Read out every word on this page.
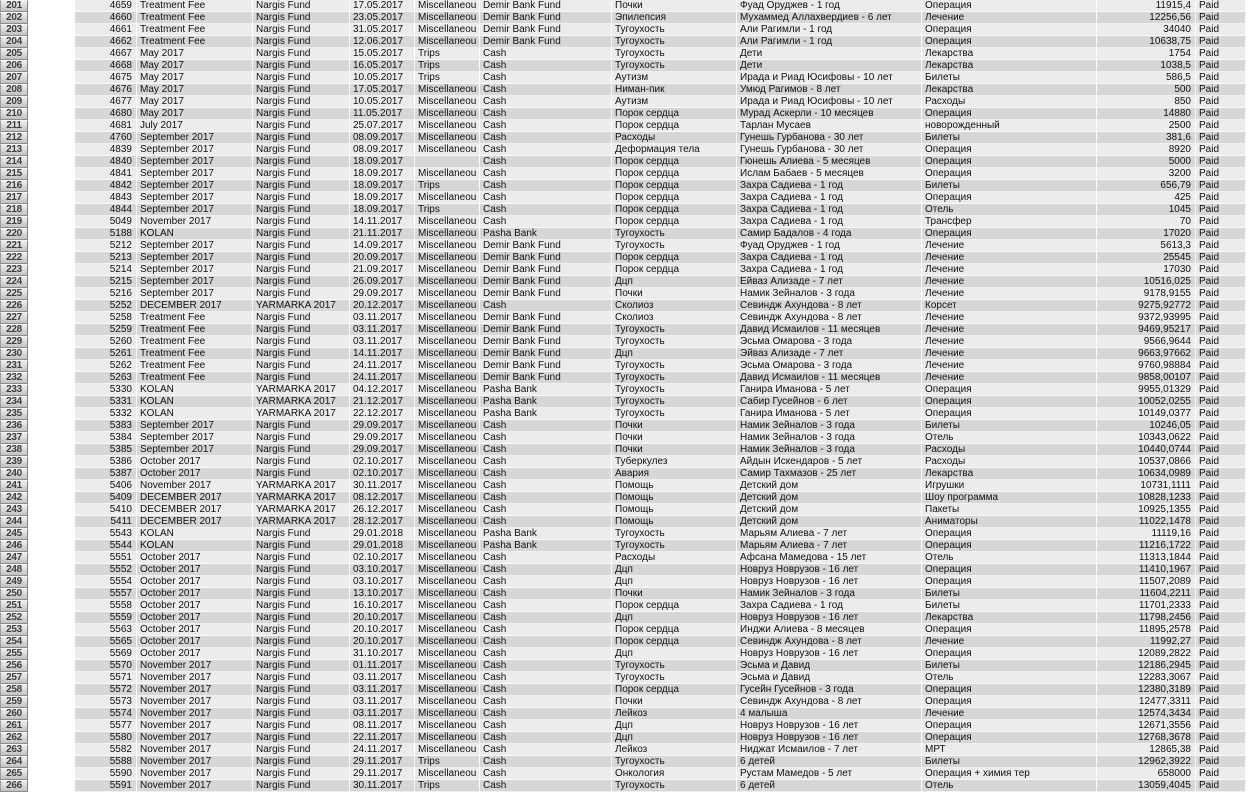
201	4659 Treatment Fee	Nargis Fund	17.05.2017	Miscellaneou Demir Bank Fund	Почки	Фуад Оруджев - 1 год	Операция	11915,4 Paid
202	4660 Treatment Fee	Nargis Fund	23.05.2017	Miscellaneou Demir Bank Fund	Эпилепсия	Мухаммед Аллахвердиев - 6 лет	Лечение	12256,56 Paid
203	4661 Treatment Fee	Nargis Fund	31.05.2017	Miscellaneou Demir Bank Fund	Тугоухость	Али Рагимли - 1 год	Операция	34040 Paid
204	4662 Treatment Fee	Nargis Fund	12.06.2017	Miscellaneou Demir Bank Fund	Тугоухость	Али Рагимли - 1 год	Операция	10638,75 Paid
205	4667 May 2017	Nargis Fund	15.05.2017	Trips	Cash	Тугоухость	Дети	Лекарства	1754 Paid
206	4668 May 2017	Nargis Fund	16.05.2017	Trips	Cash	Тугоухость	Дети	Лекарства	1038,5 Paid
207	4675 May 2017	Nargis Fund	10.05.2017	Trips	Cash	Аутизм	Ирада и Риад Юсифовы - 10 лет	Билеты	586,5 Paid
208	4676 May 2017	Nargis Fund	17.05.2017	Miscellaneou Cash	Ниман-пик	Умюд Рагимов - 8 лет	Лекарства	500 Paid
209	4677 May 2017	Nargis Fund	10.05.2017	Miscellaneou Cash	Аутизм	Ирада и Риад Юсифовы - 10 лет	Расходы	850 Paid
210	4680 May 2017	Nargis Fund	11.05.2017	Miscellaneou Cash	Порок сердца	Мурад Аскерли - 10 месяцев	Операция	14880 Paid
211	4681 July 2017	Nargis Fund	25.07.2017	Miscellaneou Cash	Порок сердца	Тарлан Мусаев	новорожденный	2500 Paid
212	4760 September 2017	Nargis Fund	08.09.2017	Miscellaneou Cash	Расходы	Гунешь Гурбанова - 30 лет	Билеты	381,6 Paid
213	4839 September 2017	Nargis Fund	08.09.2017	Miscellaneou Cash	Деформация тела	Гунешь Гурбанова - 30 лет	Операция	8920 Paid
214	4840 September 2017	Nargis Fund	18.09.2017	Cash	Порок сердца	Гюнешь Алиева - 5 месяцев	Операция	5000 Paid
215	4841 September 2017	Nargis Fund	18.09.2017	Miscellaneou Cash	Порок сердца	Ислам Бабаев - 5 месяцев	Операция	3200 Paid
216	4842 September 2017	Nargis Fund	18.09.2017	Trips	Cash	Порок сердца	Захра Садиева - 1 год	Билеты	656,79 Paid
217	4843 September 2017	Nargis Fund	18.09.2017	Miscellaneou Cash	Порок сердца	Захра Садиева - 1 год	Операция	425 Paid
218	4844 September 2017	Nargis Fund	18.09.2017	Trips	Cash	Порок сердца	Захра Садиева - 1 год	Отель	1045 Paid
219	5049 November 2017	Nargis Fund	14.11.2017	Miscellaneou Cash	Порок сердца	Захра Садиева - 1 год	Трансфер	70 Paid
220	5188 KOLAN	Nargis Fund	21.11.2017	Miscellaneou Pasha Bank	Тугоухость	Самир Бадалов - 4 года	Операция	17020 Paid
221	5212 September 2017	Nargis Fund	14.09.2017	Miscellaneou Demir Bank Fund	Тугоухость	Фуад Оруджев - 1 год	Лечение	5613,3 Paid
222	5213 September 2017	Nargis Fund	20.09.2017	Miscellaneou Demir Bank Fund	Порок сердца	Захра Садиева - 1 год	Лечение	25545 Paid
223	5214 September 2017	Nargis Fund	21.09.2017	Miscellaneou Demir Bank Fund	Порок сердца	Захра Садиева - 1 год	Лечение	17030 Paid
224	5215 September 2017	Nargis Fund	26.09.2017	Miscellaneou Demir Bank Fund	Дцп	Ейваз Ализаде - 7 лет	Лечение	10516,025 Paid
225	5216 September 2017	Nargis Fund	29.09.2017	Miscellaneou Demir Bank Fund	Почки	Намик Зейналов - 3 года	Лечение	9178,9155 Paid
226	5252 DECEMBER 2017	YARMARKA 2017	20.12.2017	Miscellaneou Cash	Сколиоз	Севиндж Ахундова - 8 лет	Корсет	9275,92772 Paid
227	5258 Treatment Fee	Nargis Fund	03.11.2017	Miscellaneou Demir Bank Fund	Сколиоз	Севиндж Ахундова - 8 лет	Лечение	9372,93995 Paid
228	5259 Treatment Fee	Nargis Fund	03.11.2017	Miscellaneou Demir Bank Fund	Тугоухость	Давид Исмаилов - 11 месяцев	Лечение	9469,95217 Paid
229	5260 Treatment Fee	Nargis Fund	03.11.2017	Miscellaneou Demir Bank Fund	Тугоухость	Эсьма Омарова - 3 года	Лечение	9566,9644 Paid
230	5261 Treatment Fee	Nargis Fund	14.11.2017	Miscellaneou Demir Bank Fund	Дцп	Эйваз Ализаде - 7 лет	Лечение	9663,97662 Paid
231	5262 Treatment Fee	Nargis Fund	24.11.2017	Miscellaneou Demir Bank Fund	Тугоухость	Эсьма Омарова - 3 года	Лечение	9760,98884 Paid
232	5263 Treatment Fee	Nargis Fund	24.11.2017	Miscellaneou Demir Bank Fund	Тугоухость	Давид Исмаилов - 11 месяцев	Лечение	9858,00107 Paid
233	5330 KOLAN	YARMARKA 2017	04.12.2017	Miscellaneou Pasha Bank	Тугоухость	Ганира Иманова - 5 лет	Операция	9955,01329 Paid
234	5331 KOLAN	YARMARKA 2017	21.12.2017	Miscellaneou Pasha Bank	Тугоухость	Сабир Гусейнов - 6 лет	Операция	10052,0255 Paid
235	5332 KOLAN	YARMARKA 2017	22.12.2017	Miscellaneou Pasha Bank	Тугоухость	Ганира Иманова - 5 лет	Операция	10149,0377 Paid
236	5383 September 2017	Nargis Fund	29.09.2017	Miscellaneou Cash	Почки	Намик Зейналов - 3 года	Билеты	10246,05 Paid
237	5384 September 2017	Nargis Fund	29.09.2017	Miscellaneou Cash	Почки	Намик Зейналов - 3 года	Отель	10343,0622 Paid
238	5385 September 2017	Nargis Fund	29.09.2017	Miscellaneou Cash	Почки	Намик Зейналов - 3 года	Расходы	10440,0744 Paid
239	5386 October 2017	Nargis Fund	02.10.2017	Miscellaneou Cash	Туберкулез	Айдын Искендаров - 5 лет	Расходы	10537,0866 Paid
240	5387 October 2017	Nargis Fund	02.10.2017	Miscellaneou Cash	Авария	Самир Тахмазов - 25 лет	Лекарства	10634,0989 Paid
241	5406 November 2017	YARMARKA 2017	30.11.2017	Miscellaneou Cash	Помощь	Детский дом	Игрушки	10731,1111 Paid
242	5409 DECEMBER 2017	YARMARKA 2017	08.12.2017	Miscellaneou Cash	Помощь	Детский дом	Шоу программа	10828,1233 Paid
243	5410 DECEMBER 2017	YARMARKA 2017	26.12.2017	Miscellaneou Cash	Помощь	Детский дом	Пакеты	10925,1355 Paid
244	5411 DECEMBER 2017	YARMARKA 2017	28.12.2017	Miscellaneou Cash	Помощь	Детский дом	Аниматоры	11022,1478 Paid
245	5543 KOLAN	Nargis Fund	29.01.2018	Miscellaneou Pasha Bank	Тугоухость	Марьям Алиева - 7 лет	Операция	11119,16 Paid
246	5544 KOLAN	Nargis Fund	29.01.2018	Miscellaneou Pasha Bank	Тугоухость	Марьям Алиева - 7 лет	Операция	11216,1722 Paid
247	5551 October 2017	Nargis Fund	02.10.2017	Miscellaneou Cash	Расходы	Афсана Мамедова - 15 лет	Отель	11313,1844 Paid
248	5552 October 2017	Nargis Fund	03.10.2017	Miscellaneou Cash	Дцп	Новруз Новрузов - 16 лет	Операция	11410,1967 Paid
249	5554 October 2017	Nargis Fund	03.10.2017	Miscellaneou Cash	Дцп	Новруз Новрузов - 16 лет	Операция	11507,2089 Paid
250	5557 October 2017	Nargis Fund	13.10.2017	Miscellaneou Cash	Почки	Намик Зейналов - 3 года	Билеты	11604,2211 Paid
251	5558 October 2017	Nargis Fund	16.10.2017	Miscellaneou Cash	Порок сердца	Захра Садиева - 1 год	Билеты	11701,2333 Paid
252	5559 October 2017	Nargis Fund	20.10.2017	Miscellaneou Cash	Дцп	Новруз Новрузов - 16 лет	Лекарства	11798,2456 Paid
253	5563 October 2017	Nargis Fund	20.10.2017	Miscellaneou Cash	Порок сердца	Инджи Алиева - 8 месяцев	Операция	11895,2578 Paid
254	5565 October 2017	Nargis Fund	20.10.2017	Miscellaneou Cash	Порок сердца	Севиндж Ахундова - 8 лет	Лечение	11992,27 Paid
255	5569 October 2017	Nargis Fund	31.10.2017	Miscellaneou Cash	Дцп	Новруз Новрузов - 16 лет	Операция	12089,2822 Paid
256	5570 November 2017	Nargis Fund	01.11.2017	Miscellaneou Cash	Тугоухость	Эсьма и Давид	Билеты	12186,2945 Paid
257	5571 November 2017	Nargis Fund	03.11.2017	Miscellaneou Cash	Тугоухость	Эсьма и Давид	Отель	12283,3067 Paid
258	5572 November 2017	Nargis Fund	03.11.2017	Miscellaneou Cash	Порок сердца	Гусейн Гусейнов - 3 года	Операция	12380,3189 Paid
259	5573 November 2017	Nargis Fund	03.11.2017	Miscellaneou Cash	Почки	Севиндж Ахундова - 8 лет	Операция	12477,3311 Paid
260	5574 November 2017	Nargis Fund	03.11.2017	Miscellaneou Cash	Лейкоз	4 малыша	Лечение	12574,3434 Paid
261	5577 November 2017	Nargis Fund	08.11.2017	Miscellaneou Cash	Дцп	Новруз Новрузов - 16 лет	Операция	12671,3556 Paid
262	5580 November 2017	Nargis Fund	22.11.2017	Miscellaneou Cash	Дцп	Новруз Новрузов - 16 лет	Операция	12768,3678 Paid
263	5582 November 2017	Nargis Fund	24.11.2017	Miscellaneou Cash	Лейкоз	Ниджат Исмаилов - 7 лет	МРТ	12865,38 Paid
264	5588 November 2017	Nargis Fund	29.11.2017	Trips	Cash	Тугоухость	6 детей	Билеты	12962,3922 Paid
265	5590 November 2017	Nargis Fund	29.11.2017	Miscellaneou Cash	Онкология	Рустам Мамедов - 5 лет	Операция + химия тер	658000 Paid
266	5591 November 2017	Nargis Fund	30.11.2017	Trips	Cash	Тугоухость	6 детей	Отель	13059,4045 Paid
